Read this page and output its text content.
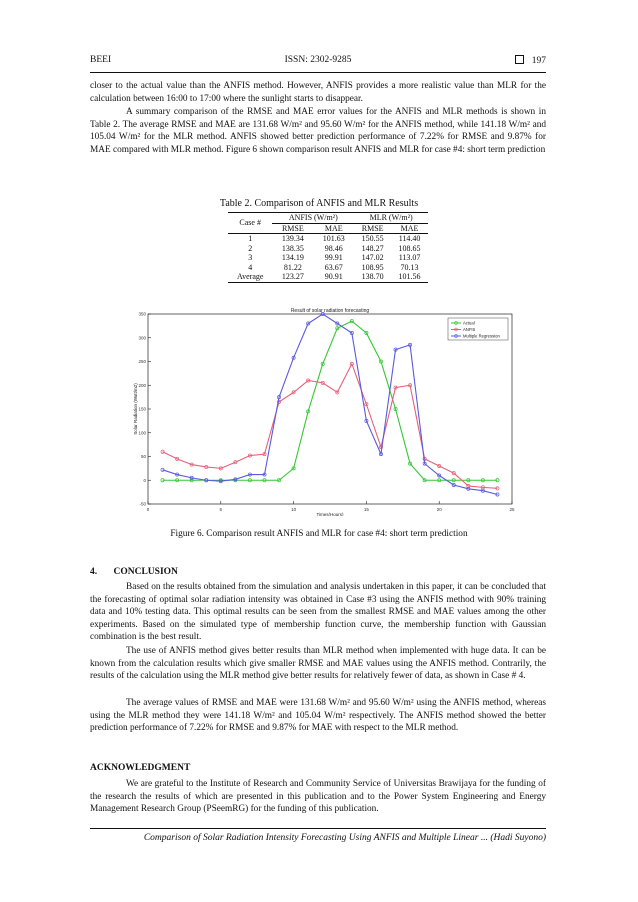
BEEI	ISSN: 2302-9285	197

closer to the actual value than the ANFIS method. However, ANFIS provides a more realistic value than MLR for the calculation between 16:00 to 17:00 where the sunlight starts to disappear.

A summary comparison of the RMSE and MAE error values for the ANFIS and MLR methods is shown in Table 2. The average RMSE and MAE are 131.68 W/m² and 95.60 W/m² for the ANFIS method, while 141.18 W/m² and 105.04 W/m² for the MLR method. ANFIS showed better prediction performance of 7.22% for RMSE and 9.87% for MAE compared with MLR method. Figure 6 shown comparison result ANFIS and MLR for case #4: short term prediction

Table 2. Comparison of ANFIS and MLR Results
Case #	ANFIS (W/m²)		MLR (W/m²)	
	RMSE	MAE	RMSE	MAE
1	139.34	101.63	150.55	114.40
2	138.35	98.46	148.27	108.65
3	134.19	99.91	147.02	113.07
4	81.22	63.67	108.95	70.13
Average	123.27	90.91	138.70	101.56
0	5	10	15	20	25
-50
0
50
100
150
200
250
300
350	Result of solar radiation forecasting
Times(Hours)
Solar Radiation (Watt/m2)
Actual
ANFIS
Multiple Regression
Figure 6. Comparison result ANFIS and MLR for case #4: short term prediction
4. CONCLUSION

Based on the results obtained from the simulation and analysis undertaken in this paper, it can be concluded that the forecasting of optimal solar radiation intensity was obtained in Case #3 using the ANFIS method with 90% training data and 10% testing data. This optimal results can be seen from the smallest RMSE and MAE values among the other experiments. Based on the simulated type of membership function curve, the membership function with Gaussian combination is the best result.

The use of ANFIS method gives better results than MLR method when implemented with huge data. It can be known from the calculation results which give smaller RMSE and MAE values using the ANFIS method. Contrarily, the results of the calculation using the MLR method give better results for relatively fewer of data, as shown in Case # 4.

The average values of RMSE and MAE were 131.68 W/m² and 95.60 W/m² using the ANFIS method, whereas using the MLR method they were 141.18 W/m² and 105.04 W/m² respectively. The ANFIS method showed the better prediction performance of 7.22% for RMSE and 9.87% for MAE with respect to the MLR method.

ACKNOWLEDGMENT

We are grateful to the Institute of Research and Community Service of Universitas Brawijaya for the funding of the research the results of which are presented in this publication and to the Power System Engineering and Energy Management Research Group (PSeemRG) for the funding of this publication.

Comparison of Solar Radiation Intensity Forecasting Using ANFIS and Multiple Linear ... (Hadi Suyono)
